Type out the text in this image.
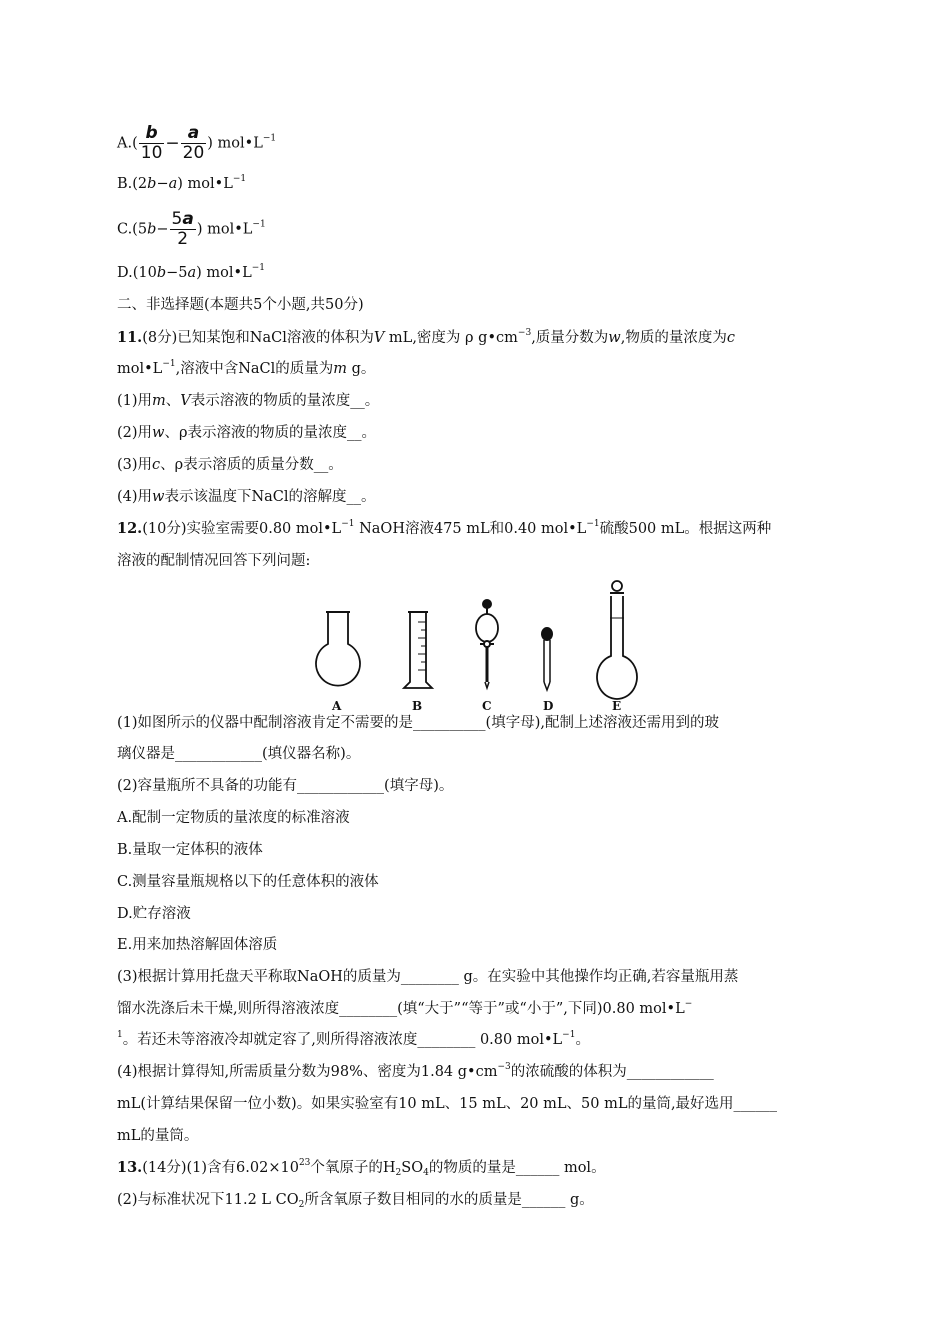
$A.( \frac{b}{10} - \frac{a}{20}$ ) $mol•L^{-1}$
B.(2b−a) $mol•L^{-1}$
$C.(5b- \frac{5a}{2}$ ) $mol•L^{-1}$
D.(10b−5a) $mol•L^{-1}$
二、非选择题(本题共5个小题,共50分)
11.(8分)已知某饱和NaCl溶液的体积为V mL,密度为 ρ $g•cm^{-3}$,质量分数为w,物质的量浓度为c
$mol•L^{-1}$,溶液中含NaCl的质量为m g。
(1)用m、V表示溶液的物质的量浓度__。
(2)用w、ρ表示溶液的物质的量浓度__。
(3)用c、ρ表示溶质的质量分数__。
(4)用w表示该温度下NaCl的溶解度__。
12.(10分)实验室需要0.80 $mol•L^{-1}$ NaOH溶液475 mL和0.40 $mol•L^{-1}$硫酸500 mL。根据这两种
溶液的配制情况回答下列问题:
A	B	C	D	E
(1)如图所示的仪器中配制溶液肯定不需要的是__________(填字母),配制上述溶液还需用到的玻
璃仪器是____________(填仪器名称)。
(2)容量瓶所不具备的功能有____________(填字母)。
A.配制一定物质的量浓度的标准溶液
B.量取一定体积的液体
C.测量容量瓶规格以下的任意体积的液体
D.贮存溶液
E.用来加热溶解固体溶质
(3)根据计算用托盘天平称取NaOH的质量为________ g。在实验中其他操作均正确,若容量瓶用蒸
馏水洗涤后未干燥,则所得溶液浓度________(填“大于”“等于”或“小于”,下同)0.80 mol•L−
$^1$。若还未等溶液冷却就定容了,则所得溶液浓度________ 0.80 $mol•L^{-1}$。
(4)根据计算得知,所需质量分数为98%、密度为1.84 $g•cm^{-3}$的浓硫酸的体积为____________
mL(计算结果保留一位小数)。如果实验室有10 mL、15 mL、20 mL、50 mL的量筒,最好选用______
mL的量筒。
13.(14分)(1)含有$6.02\times 10^{23}$个氧原子的$H_2SO_4$的物质的量是______ mol。
(2)与标准状况下11.2 L $CO_2$所含氧原子数目相同的水的质量是______ g。
